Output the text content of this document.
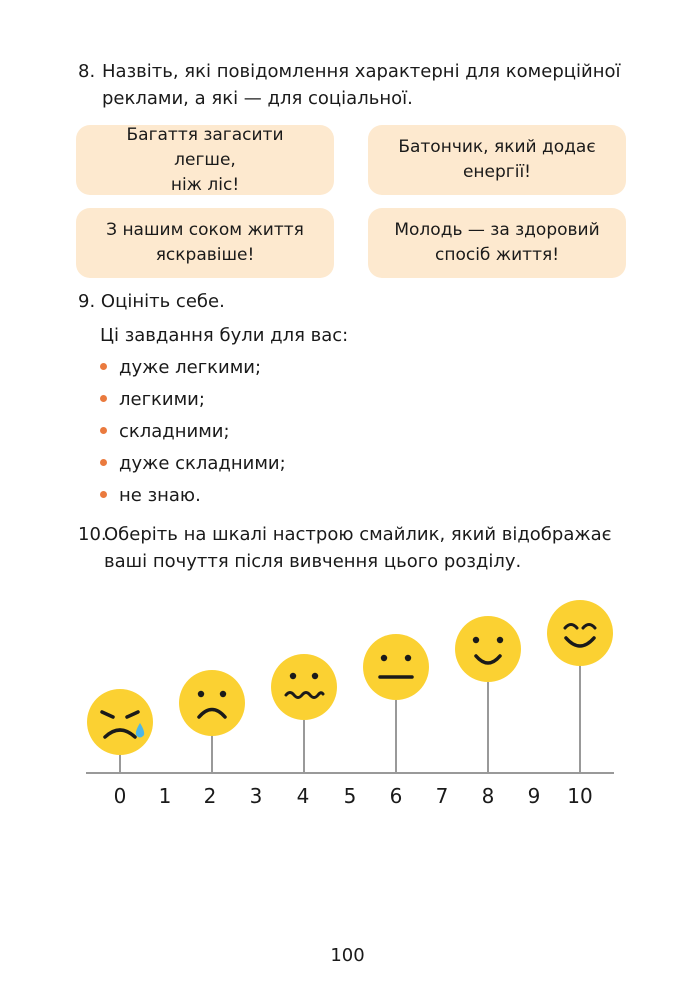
8. Назвіть, які повідомлення характерні для комерційної
реклами, а які — для соціальної.
Багаття загасити легше,
ніж ліс!
Батончик, який додає
енергії!
З нашим соком життя
яскравіше!
Молодь — за здоровий
спосіб життя!
9. Оцініть себе.
Ці завдання були для вас:
дуже легкими;
легкими;
складними;
дуже складними;
не знаю.
10.
Оберіть на шкалі настрою смайлик, який відображає
ваші почуття після вивчення цього розділу.
0 1 2 3 4 5 6 7 8 9 10
100
